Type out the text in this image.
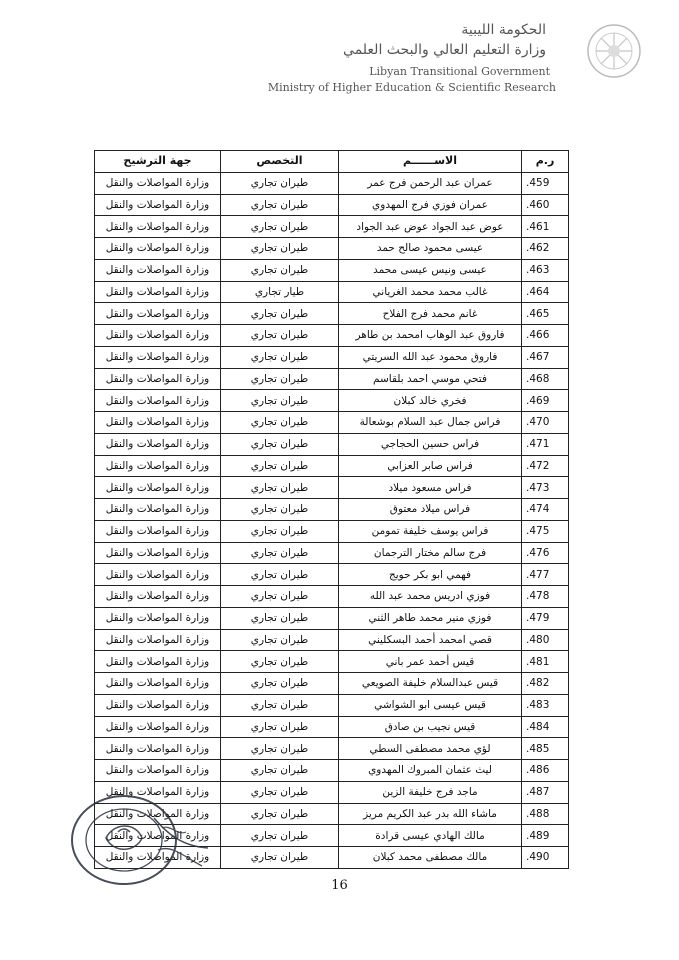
الحكومة الليبية
وزارة التعليم العالي والبحث العلمي
Libyan Transitional Government
Ministry of Higher Education & Scientific Research
ر.م	الاســــــم	التخصص	جهة الترشيح
.459	عمران عبد الرحمن فرج عمر	طيران تجاري	وزارة المواصلات والنقل
.460	عمران فوزي فرج المهدوي	طيران تجاري	وزارة المواصلات والنقل
.461	عوض عبد الجواد عوض عبد الجواد	طيران تجاري	وزارة المواصلات والنقل
.462	عيسى محمود صالح حمد	طيران تجاري	وزارة المواصلات والنقل
.463	عيسى ونيس عيسى محمد	طيران تجاري	وزارة المواصلات والنقل
.464	غالب محمد محمد الغرياني	طيار تجاري	وزارة المواصلات والنقل
.465	غانم محمد فرج الفلاح	طيران تجاري	وزارة المواصلات والنقل
.466	فاروق عبد الوهاب امحمد بن طاهر	طيران تجاري	وزارة المواصلات والنقل
.467	فاروق محمود عبد الله السريتي	طيران تجاري	وزارة المواصلات والنقل
.468	فتحي موسي احمد بلقاسم	طيران تجاري	وزارة المواصلات والنقل
.469	فخري خالد كبلان	طيران تجاري	وزارة المواصلات والنقل
.470	فراس جمال عبد السلام بوشعالة	طيران تجاري	وزارة المواصلات والنقل
.471	فراس حسين الحجاجي	طيران تجاري	وزارة المواصلات والنقل
.472	فراس صابر العزابي	طيران تجاري	وزارة المواصلات والنقل
.473	فراس مسعود ميلاد	طيران تجاري	وزارة المواصلات والنقل
.474	فراس ميلاد معتوق	طيران تجاري	وزارة المواصلات والنقل
.475	فراس يوسف خليفة تمومن	طيران تجاري	وزارة المواصلات والنقل
.476	فرج سالم مختار الترجمان	طيران تجاري	وزارة المواصلات والنقل
.477	فهمي ابو بكر حويج	طيران تجاري	وزارة المواصلات والنقل
.478	فوزي ادريس محمد عبد الله	طيران تجاري	وزارة المواصلات والنقل
.479	فوزي منير محمد طاهر الثني	طيران تجاري	وزارة المواصلات والنقل
.480	قصي امحمد أحمد البسكليني	طيران تجاري	وزارة المواصلات والنقل
.481	قيس أحمد عمر باني	طيران تجاري	وزارة المواصلات والنقل
.482	قيس عبدالسلام خليفة الصويعي	طيران تجاري	وزارة المواصلات والنقل
.483	قيس عيسى ابو الشواشي	طيران تجاري	وزارة المواصلات والنقل
.484	قيس نجيب بن صادق	طيران تجاري	وزارة المواصلات والنقل
.485	لؤي محمد مصطفى السطي	طيران تجاري	وزارة المواصلات والنقل
.486	ليث عثمان المبروك المهدوي	طيران تجاري	وزارة المواصلات والنقل
.487	ماجد فرج خليفة الزين	طيران تجاري	وزارة المواصلات والنقل
.488	ماشاء الله بدر عبد الكريم مريز	طيران تجاري	وزارة المواصلات والنقل
.489	مالك الهادي عيسى قرادة	طيران تجاري	وزارة المواصلات والنقل
.490	مالك مصطفى محمد كبلان	طيران تجاري	وزارة المواصلات والنقل
16
